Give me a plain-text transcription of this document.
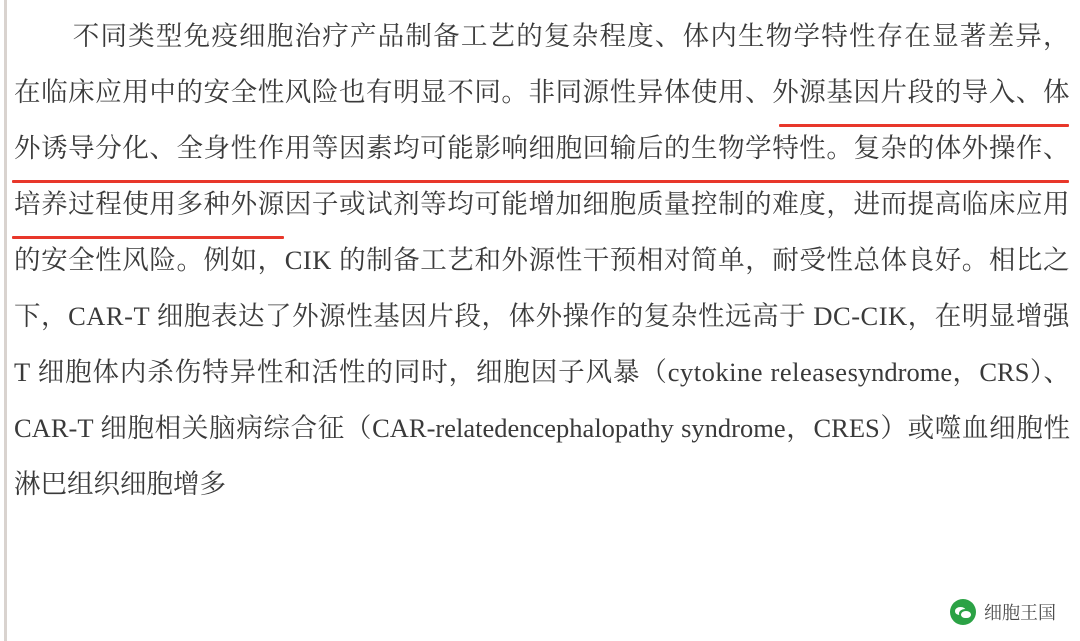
不同类型免疫细胞治疗产品制备工艺的复杂程度、体内生物学特性存在显著差异，在临床应用中的安全性风险也有明显不同。非同源性异体使用、外源基因片段的导入、体外诱导分化、全身性作用等因素均可能影响细胞回输后的生物学特性。复杂的体外操作、培养过程使用多种外源因子或试剂等均可能增加细胞质量控制的难度，进而提高临床应用的安全性风险。例如，CIK 的制备工艺和外源性干预相对简单，耐受性总体良好。相比之下，CAR-T 细胞表达了外源性基因片段，体外操作的复杂性远高于 DC-CIK，在明显增强 T 细胞体内杀伤特异性和活性的同时，细胞因子风暴（cytokine releasesyndrome，CRS）、CAR-T 细胞相关脑病综合征（CAR‑relatedencephalopathy syndrome，CRES）或噬血细胞性淋巴组织细胞增多
细胞王国
